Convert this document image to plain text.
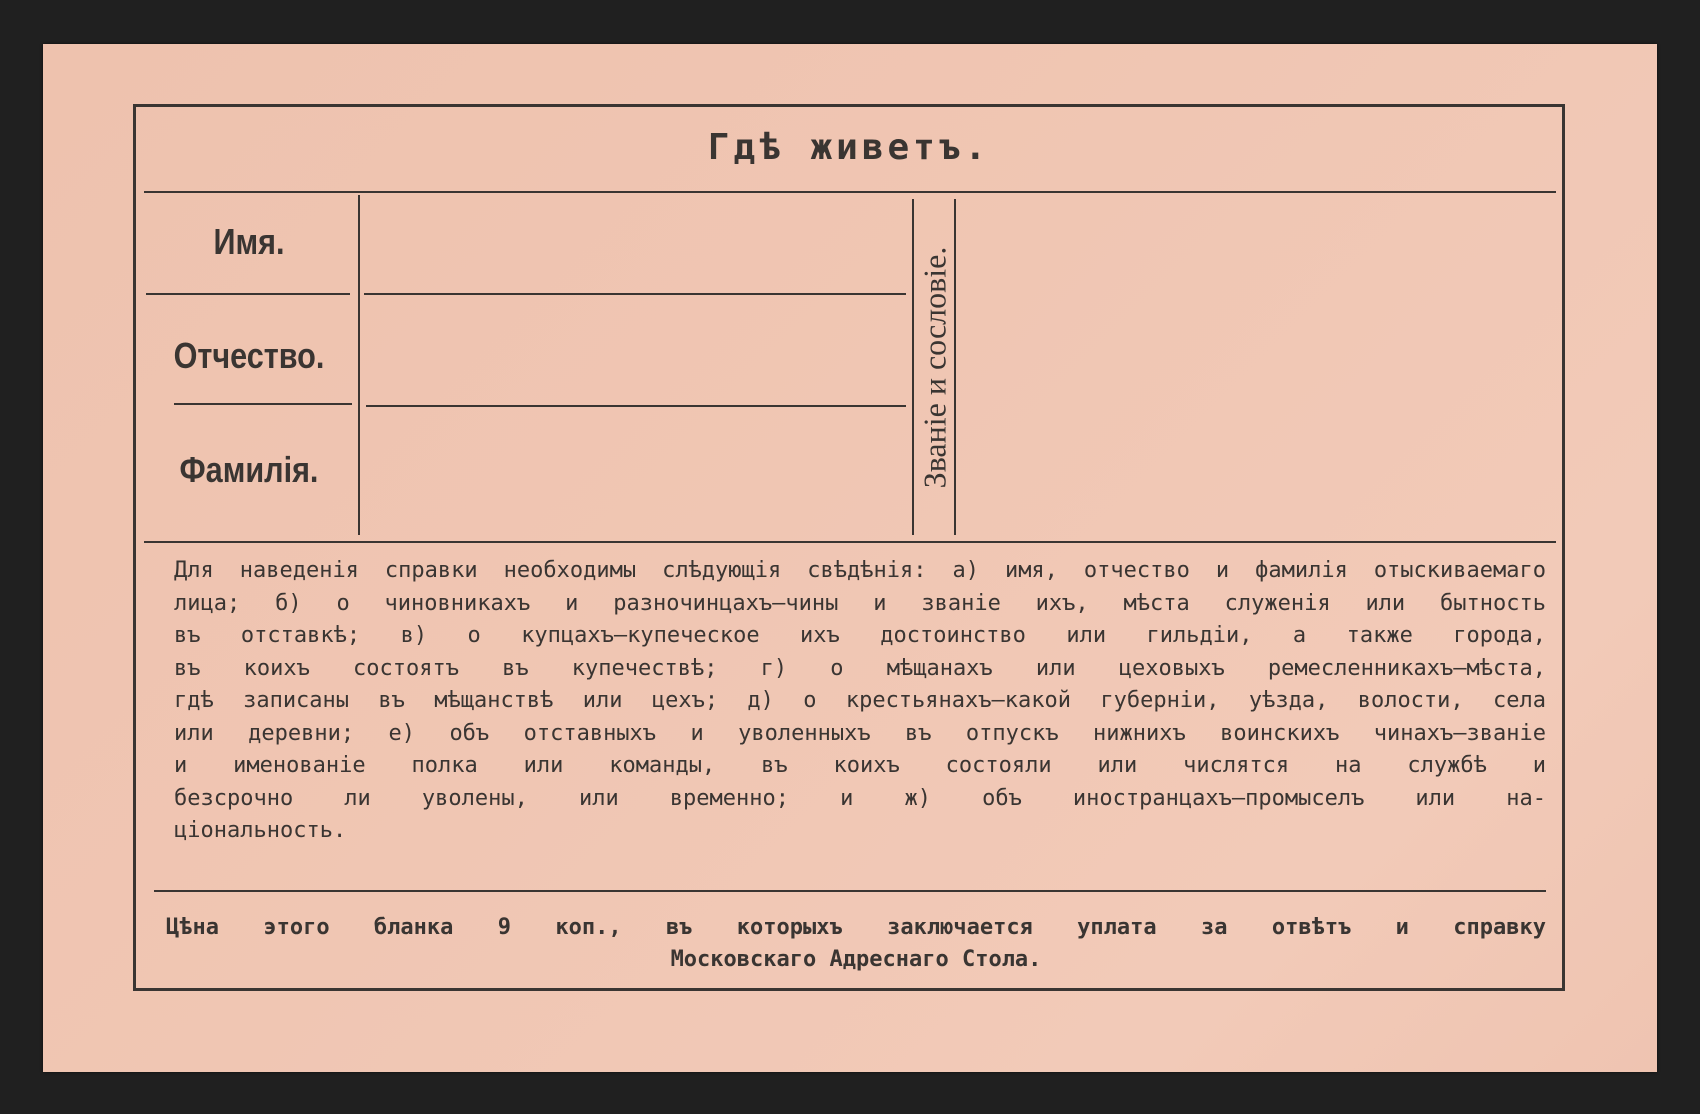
Гдѣ живетъ.
Имя.
Отчество.
Фамилія.	Званіе и сословіе.
Для наведенія справки необходимы слѣдующія свѣдѣнія: а) имя, отчество и фамилія отыскиваемаго
лица; б) о чиновникахъ и разночинцахъ—чины и званіе ихъ, мѣста служенія или бытность
въ отставкѣ; в) о купцахъ—купеческое ихъ достоинство или гильдіи, а также города,
въ коихъ состоятъ въ купечествѣ; г) о мѣщанахъ или цеховыхъ ремесленникахъ—мѣста,
гдѣ записаны въ мѣщанствѣ или цехъ; д) о крестьянахъ—какой губерніи, уѣзда, волости, села
или деревни; е) объ отставныхъ и уволенныхъ въ отпускъ нижнихъ воинскихъ чинахъ—званіе
и именованіе полка или команды, въ коихъ состояли или числятся на службѣ и
безсрочно ли уволены, или временно; и ж) объ иностранцахъ—промыселъ или на-
ціональность.
Цѣна этого бланка 9 коп., въ которыхъ заключается уплата за отвѣтъ и справку
Московскаго Адреснаго Стола.
